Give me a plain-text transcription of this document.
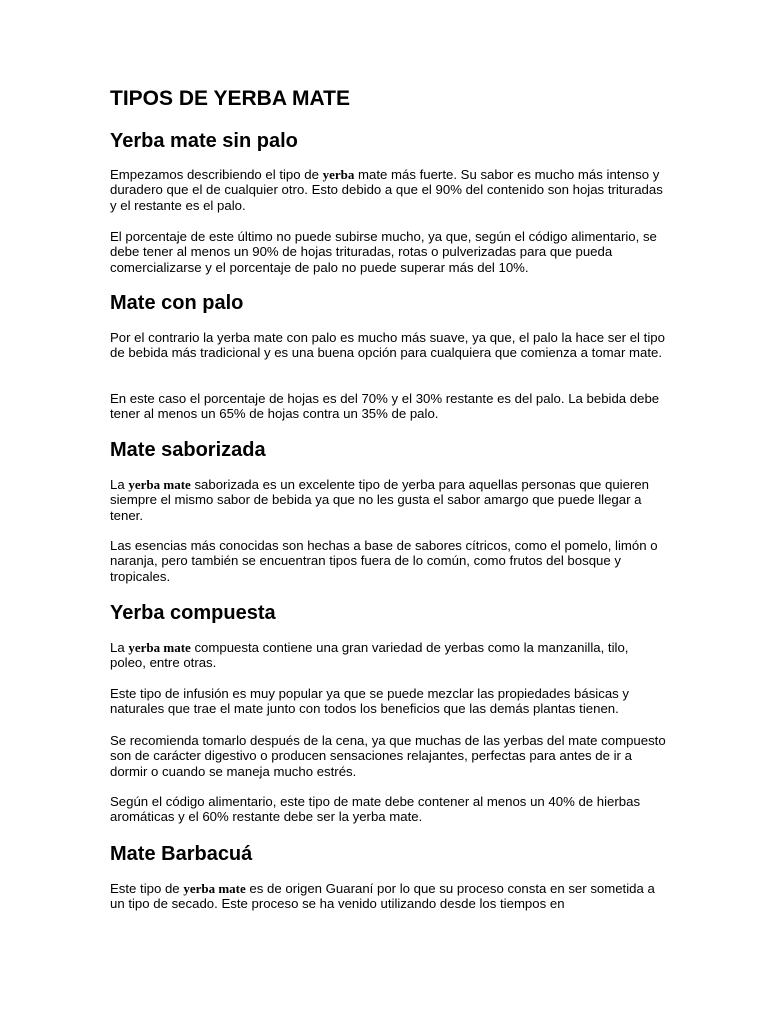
TIPOS DE YERBA MATE
Yerba mate sin palo

Empezamos describiendo el tipo de yerba mate más fuerte. Su sabor es mucho más intenso y duradero que el de cualquier otro. Esto debido a que el 90% del contenido son hojas trituradas y el restante es el palo.

El porcentaje de este último no puede subirse mucho, ya que, según el código alimentario, se debe tener al menos un 90% de hojas trituradas, rotas o pulverizadas para que pueda comercializarse y el porcentaje de palo no puede superar más del 10%.

Mate con palo

Por el contrario la yerba mate con palo es mucho más suave, ya que, el palo la hace ser el tipo de bebida más tradicional y es una buena opción para cualquiera que comienza a tomar mate.

En este caso el porcentaje de hojas es del 70% y el 30% restante es del palo. La bebida debe tener al menos un 65% de hojas contra un 35% de palo.

Mate saborizada

La yerba mate saborizada es un excelente tipo de yerba para aquellas personas que quieren siempre el mismo sabor de bebida ya que no les gusta el sabor amargo que puede llegar a tener.

Las esencias más conocidas son hechas a base de sabores cítricos, como el pomelo, limón o naranja, pero también se encuentran tipos fuera de lo común, como frutos del bosque y tropicales.

Yerba compuesta

La yerba mate compuesta contiene una gran variedad de yerbas como la manzanilla, tilo, poleo, entre otras.

Este tipo de infusión es muy popular ya que se puede mezclar las propiedades básicas y naturales que trae el mate junto con todos los beneficios que las demás plantas tienen.

Se recomienda tomarlo después de la cena, ya que muchas de las yerbas del mate compuesto son de carácter digestivo o producen sensaciones relajantes, perfectas para antes de ir a dormir o cuando se maneja mucho estrés.

Según el código alimentario, este tipo de mate debe contener al menos un 40% de hierbas aromáticas y el 60% restante debe ser la yerba mate.

Mate Barbacuá

Este tipo de yerba mate es de origen Guaraní por lo que su proceso consta en ser sometida a un tipo de secado. Este proceso se ha venido utilizando desde los tiempos en
